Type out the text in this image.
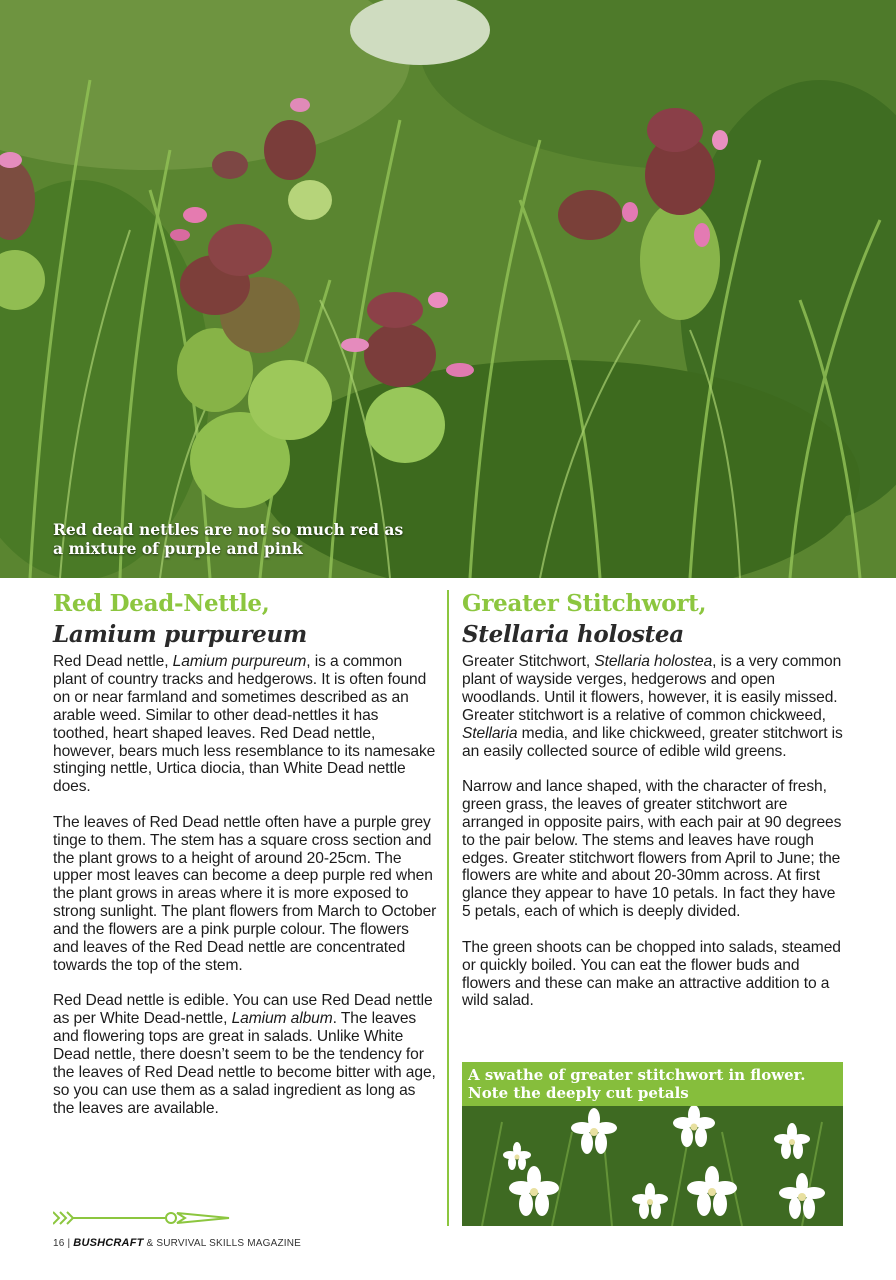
Red dead nettles are not so much red as a mixture of purple and pink
Red Dead-Nettle,
Lamium purpureum

Red Dead nettle, Lamium purpureum, is a common plant of country tracks and hedgerows. It is often found on or near farmland and sometimes described as an arable weed. Similar to other dead-nettles it has toothed, heart shaped leaves. Red Dead nettle, however, bears much less resemblance to its namesake stinging nettle, Urtica diocia, than White Dead nettle does.

The leaves of Red Dead nettle often have a purple grey tinge to them. The stem has a square cross section and the plant grows to a height of around 20-25cm. The upper most leaves can become a deep purple red when the plant grows in areas where it is more exposed to strong sunlight. The plant flowers from March to October and the flowers are a pink purple colour. The flowers and leaves of the Red Dead nettle are concentrated towards the top of the stem.

Red Dead nettle is edible. You can use Red Dead nettle as per White Dead-nettle, Lamium album. The leaves and flowering tops are great in salads. Unlike White Dead nettle, there doesn’t seem to be the tendency for the leaves of Red Dead nettle to become bitter with age, so you can use them as a salad ingredient as long as the leaves are available.

Greater Stitchwort,
Stellaria holostea

Greater Stitchwort, Stellaria holostea, is a very common plant of wayside verges, hedgerows and open woodlands. Until it flowers, however, it is easily missed. Greater stitchwort is a relative of common chickweed, Stellaria media, and like chickweed, greater stitchwort is an easily collected source of edible wild greens.

Narrow and lance shaped, with the character of fresh, green grass, the leaves of greater stitchwort are arranged in opposite pairs, with each pair at 90 degrees to the pair below. The stems and leaves have rough edges. Greater stitchwort flowers from April to June; the flowers are white and about 20-30mm across. At first glance they appear to have 10 petals. In fact they have 5 petals, each of which is deeply divided.

The green shoots can be chopped into salads, steamed or quickly boiled. You can eat the flower buds and flowers and these can make an attractive addition to a wild salad.

A swathe of greater stitchwort in flower. Note the deeply cut petals
16 | BUSHCRAFT & SURVIVAL SKILLS MAGAZINE
